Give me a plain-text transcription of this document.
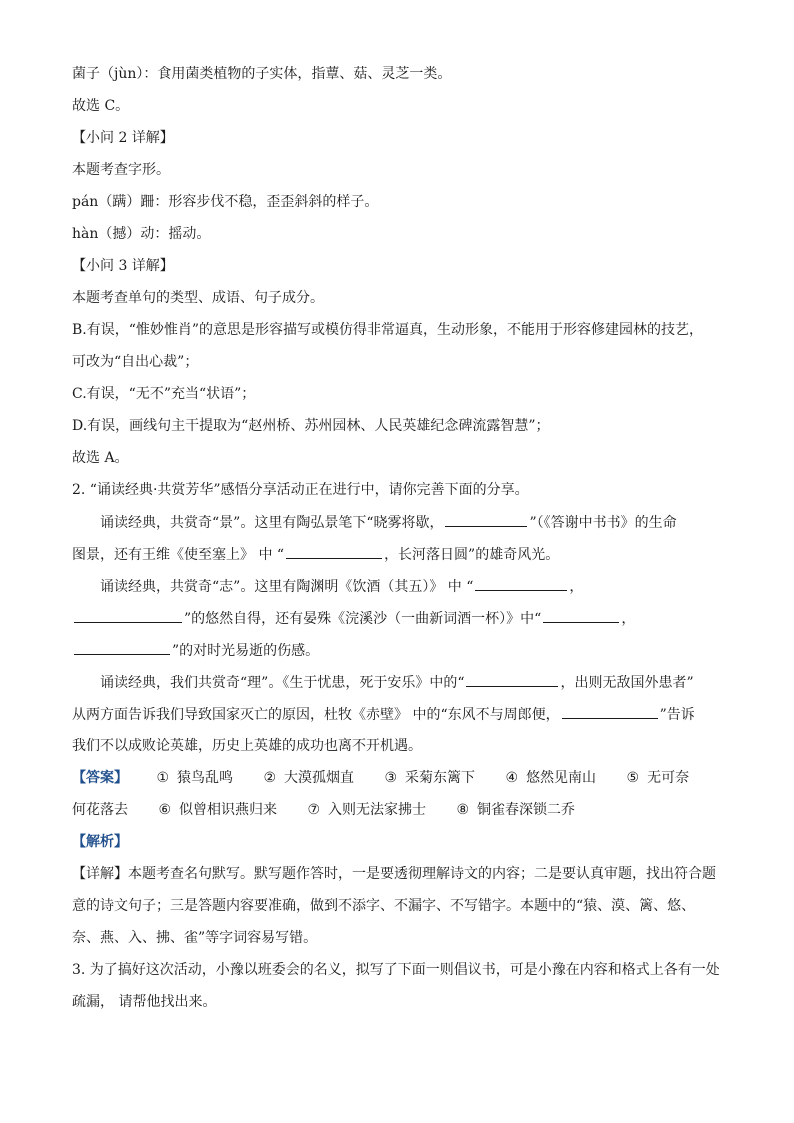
菌子（jùn）：食用菌类植物的子实体，指蕈、菇、灵芝一类。
故选 C。
【小问 2 详解】
本题考查字形。
pán（蹒）跚：形容步伐不稳，歪歪斜斜的样子。
hàn（撼）动：摇动。
【小问 3 详解】
本题考查单句的类型、成语、句子成分。
B.有误，“惟妙惟肖”的意思是形容描写或模仿得非常逼真，生动形象，不能用于形容修建园林的技艺，
可改为“自出心裁”；
C.有误，“无不”充当“状语”；
D.有误，画线句主干提取为“赵州桥、苏州园林、人民英雄纪念碑流露智慧”；
故选 A。
2. “诵读经典·共赏芳华”感悟分享活动正在进行中，请你完善下面的分享。
诵读经典，共赏奇“景”。这里有陶弘景笔下“晓雾将歇，	”（《答谢中书书》的生命
图景，还有王维《使至塞上》 中 “	，长河落日圆”的雄奇风光。
诵读经典，共赏奇“志”。这里有陶渊明《饮酒（其五）》 中 “	，
”的悠然自得，还有晏殊《浣溪沙（一曲新词酒一杯）》中“	，
”的对时光易逝的伤感。
诵读经典，我们共赏奇“理”。《生于忧患，死于安乐》中的“	，出则无敌国外患者”
从两方面告诉我们导致国家灭亡的原因，杜牧《赤壁》 中的“东风不与周郎便，	”告诉
我们不以成败论英雄，历史上英雄的成功也离不开机遇。
【答案】 ① 猿鸟乱鸣 ② 大漠孤烟直 ③ 采菊东篱下 ④ 悠然见南山 ⑤ 无可奈
何花落去 ⑥ 似曾相识燕归来 ⑦ 入则无法家拂士 ⑧ 铜雀春深锁二乔
【解析】
【详解】本题考查名句默写。默写题作答时，一是要透彻理解诗文的内容；二是要认真审题，找出符合题
意的诗文句子；三是答题内容要准确，做到不添字、不漏字、不写错字。本题中的“猿、漠、篱、悠、
奈、燕、入、拂、雀”等字词容易写错。
3. 为了搞好这次活动，小豫以班委会的名义，拟写了下面一则倡议书，可是小豫在内容和格式上各有一处
疏漏， 请帮他找出来。
